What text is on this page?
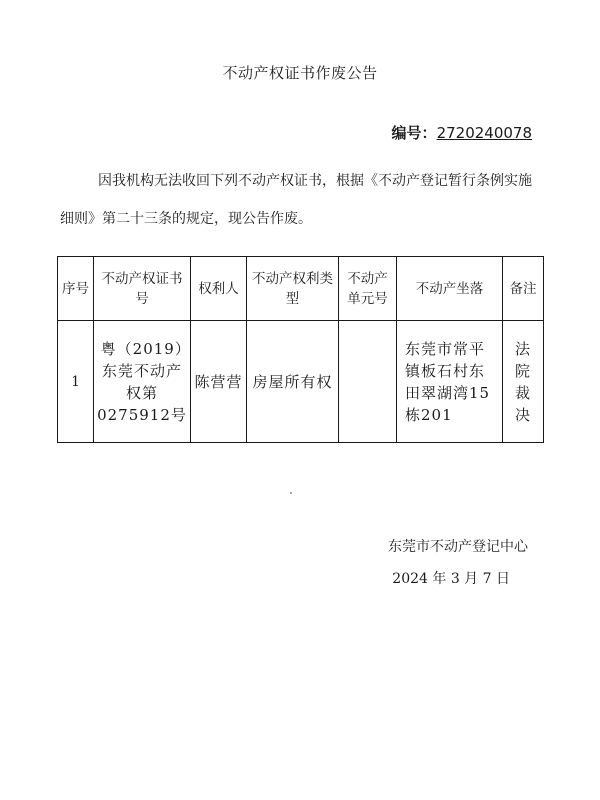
不动产权证书作废公告
编号：2720240078
因我机构无法收回下列不动产权证书，根据《不动产登记暂行条例实施细则》第二十三条的规定，现公告作废。
序号	不动产权证书号	权利人	不动产权利类型	不动产单元号	不动产坐落	备注
1	粤（2019）东莞不动产权第0275912号	陈营营	房屋所有权		东莞市常平镇板石村东田翠湖湾15栋201	法院裁决
东莞市不动产登记中心
2024 年 3 月 7 日
